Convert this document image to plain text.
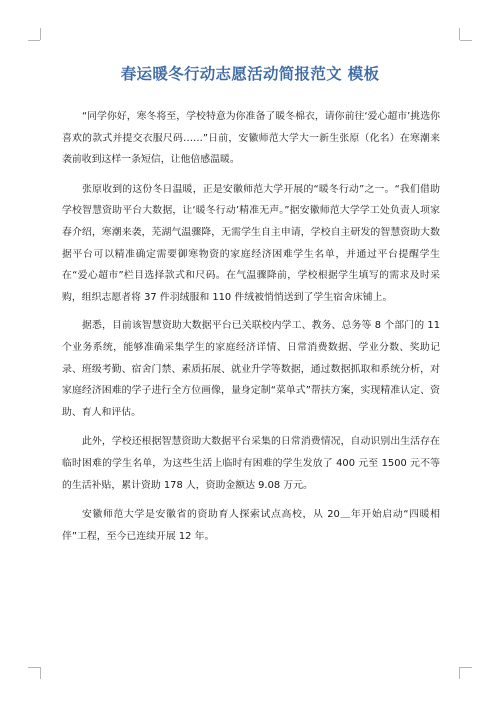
春运暖冬行动志愿活动简报范文 模板

“同学你好，寒冬将至，学校特意为你准备了暖冬棉衣，请你前往‘爱心超市’挑选你喜欢的款式并提交衣服尺码……”日前，安徽师范大学大一新生张原（化名）在寒潮来袭前收到这样一条短信，让他倍感温暖。

张原收到的这份冬日温暖，正是安徽师范大学开展的“暖冬行动”之一。“我们借助学校智慧资助平台大数据，让‘暖冬行动’精准无声。”据安徽师范大学学工处负责人项家春介绍，寒潮来袭，芜湖气温骤降，无需学生自主申请，学校自主研发的智慧资助大数据平台可以精准确定需要御寒物资的家庭经济困难学生名单，并通过平台提醒学生在“爱心超市”栏目选择款式和尺码。在气温骤降前，学校根据学生填写的需求及时采购，组织志愿者将 37 件羽绒服和 110 件绒被悄悄送到了学生宿舍床铺上。

据悉，目前该智慧资助大数据平台已关联校内学工、教务、总务等 8 个部门的 11 个业务系统，能够准确采集学生的家庭经济详情、日常消费数据、学业分数、奖助记录、班级考勤、宿舍门禁、素质拓展、就业升学等数据，通过数据抓取和系统分析，对家庭经济困难的学子进行全方位画像，量身定制“菜单式”帮扶方案，实现精准认定、资助、育人和评估。

此外，学校还根据智慧资助大数据平台采集的日常消费情况，自动识别出生活存在临时困难的学生名单，为这些生活上临时有困难的学生发放了 400 元至 1500 元不等的生活补贴，累计资助 178 人，资助金额达 9.08 万元。

安徽师范大学是安徽省的资助育人探索试点高校，从 20＿年开始启动“四暖相伴”工程，至今已连续开展 12 年。
